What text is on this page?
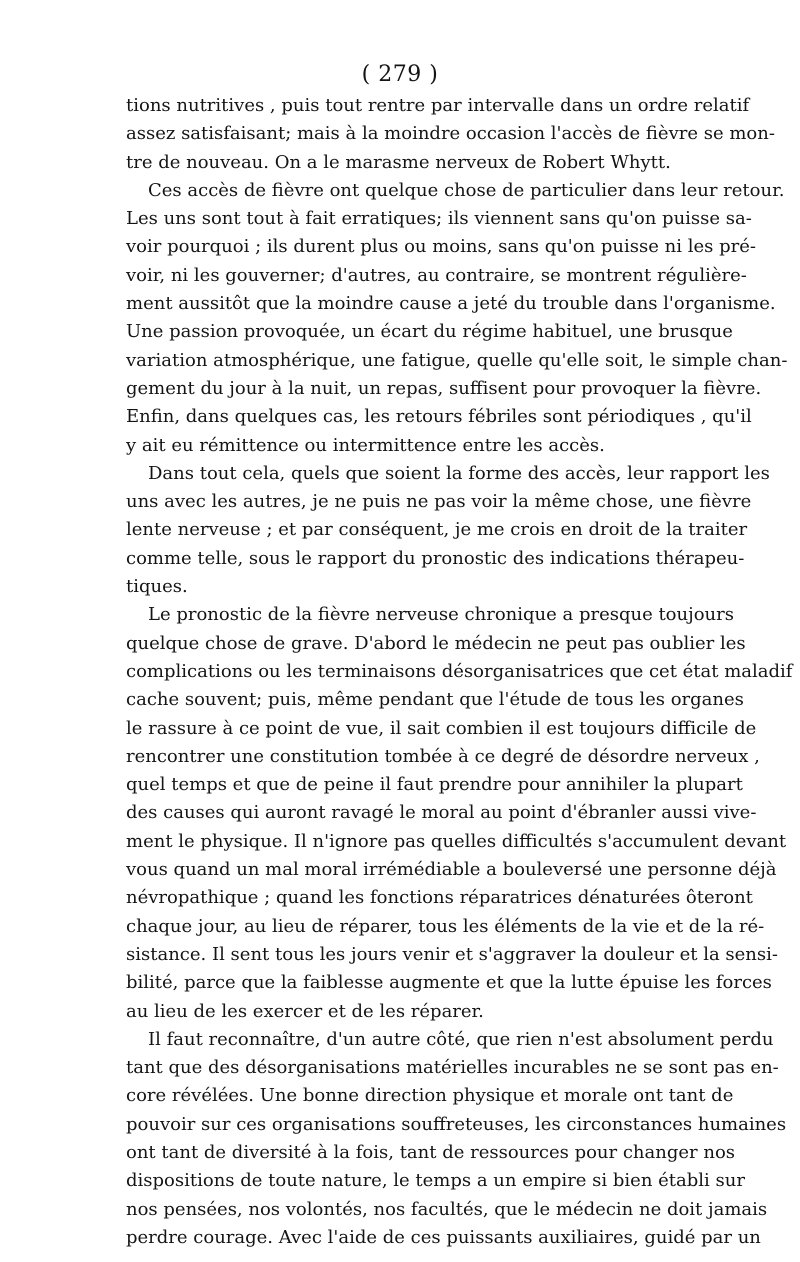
( 279 )
tions nutritives , puis tout rentre par intervalle dans un ordre relatif
assez satisfaisant; mais à la moindre occasion l'accès de fièvre se mon-
tre de nouveau. On a le marasme nerveux de Robert Whytt.
Ces accès de fièvre ont quelque chose de particulier dans leur retour.
Les uns sont tout à fait erratiques; ils viennent sans qu'on puisse sa-
voir pourquoi ; ils durent plus ou moins, sans qu'on puisse ni les pré-
voir, ni les gouverner; d'autres, au contraire, se montrent régulière-
ment aussitôt que la moindre cause a jeté du trouble dans l'organisme.
Une passion provoquée, un écart du régime habituel, une brusque
variation atmosphérique, une fatigue, quelle qu'elle soit, le simple chan-
gement du jour à la nuit, un repas, suffisent pour provoquer la fièvre.
Enfin, dans quelques cas, les retours fébriles sont périodiques , qu'il
y ait eu rémittence ou intermittence entre les accès.
Dans tout cela, quels que soient la forme des accès, leur rapport les
uns avec les autres, je ne puis ne pas voir la même chose, une fièvre
lente nerveuse ; et par conséquent, je me crois en droit de la traiter
comme telle, sous le rapport du pronostic des indications thérapeu-
tiques.
Le pronostic de la fièvre nerveuse chronique a presque toujours
quelque chose de grave. D'abord le médecin ne peut pas oublier les
complications ou les terminaisons désorganisatrices que cet état maladif
cache souvent; puis, même pendant que l'étude de tous les organes
le rassure à ce point de vue, il sait combien il est toujours difficile de
rencontrer une constitution tombée à ce degré de désordre nerveux ,
quel temps et que de peine il faut prendre pour annihiler la plupart
des causes qui auront ravagé le moral au point d'ébranler aussi vive-
ment le physique. Il n'ignore pas quelles difficultés s'accumulent devant
vous quand un mal moral irrémédiable a bouleversé une personne déjà
névropathique ; quand les fonctions réparatrices dénaturées ôteront
chaque jour, au lieu de réparer, tous les éléments de la vie et de la ré-
sistance. Il sent tous les jours venir et s'aggraver la douleur et la sensi-
bilité, parce que la faiblesse augmente et que la lutte épuise les forces
au lieu de les exercer et de les réparer.
Il faut reconnaître, d'un autre côté, que rien n'est absolument perdu
tant que des désorganisations matérielles incurables ne se sont pas en-
core révélées. Une bonne direction physique et morale ont tant de
pouvoir sur ces organisations souffreteuses, les circonstances humaines
ont tant de diversité à la fois, tant de ressources pour changer nos
dispositions de toute nature, le temps a un empire si bien établi sur
nos pensées, nos volontés, nos facultés, que le médecin ne doit jamais
perdre courage. Avec l'aide de ces puissants auxiliaires, guidé par un
